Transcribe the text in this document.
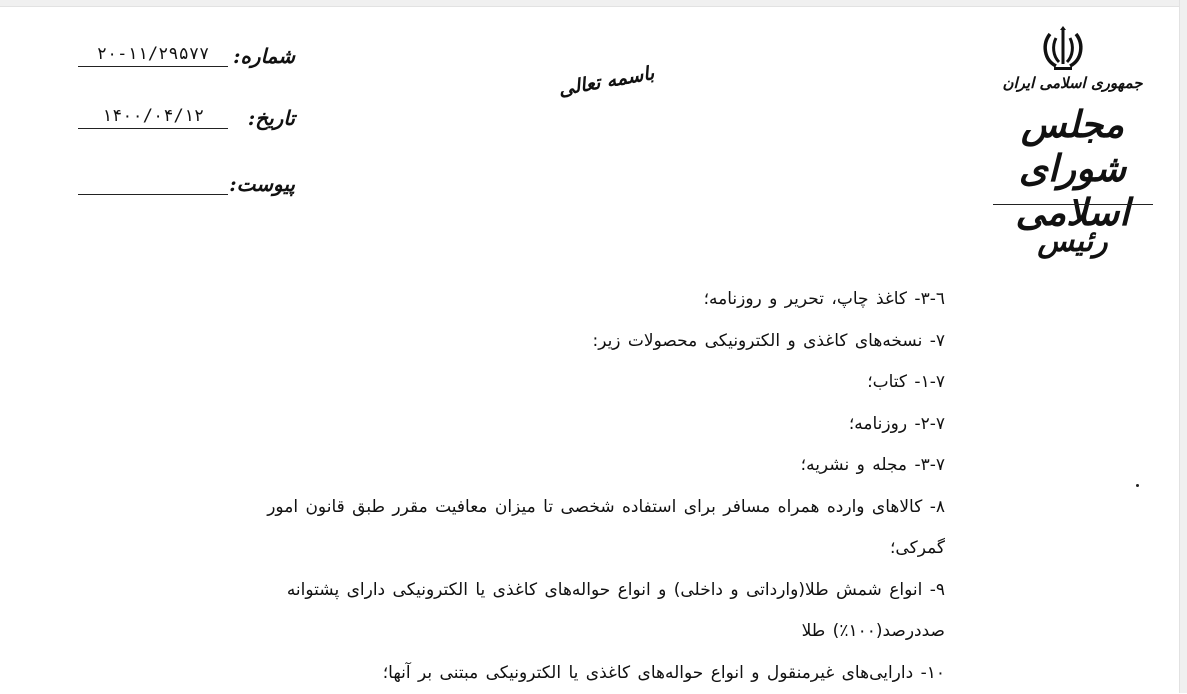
۲۰-۱۱/۲۹۵۷۷	شماره:
۱۴۰۰/۰۴/۱۲	تاریخ:
پیوست:
باسمه تعالی	جمهوری اسلامی ایران
مجلس شورای اسلامی
رئیس

٦-٣- کاغذ چاپ، تحریر و روزنامه؛

٧- نسخه‌های کاغذی و الکترونیکی محصولات زیر:

٧-١- کتاب؛

٧-٢- روزنامه؛

٧-٣- مجله و نشریه؛

٨- کالاهای وارده همراه مسافر برای استفاده شخصی تا میزان معافیت مقرر طبق قانون امور

گمرکی؛

٩- انواع شمش طلا(وارداتی و داخلی) و انواع حواله‌های کاغذی یا الکترونیکی دارای پشتوانه

صددرصد(١٠٠٪) طلا

١٠- دارایی‌های غیرمنقول و انواع حواله‌های کاغذی یا الکترونیکی مبتنی بر آنها؛
